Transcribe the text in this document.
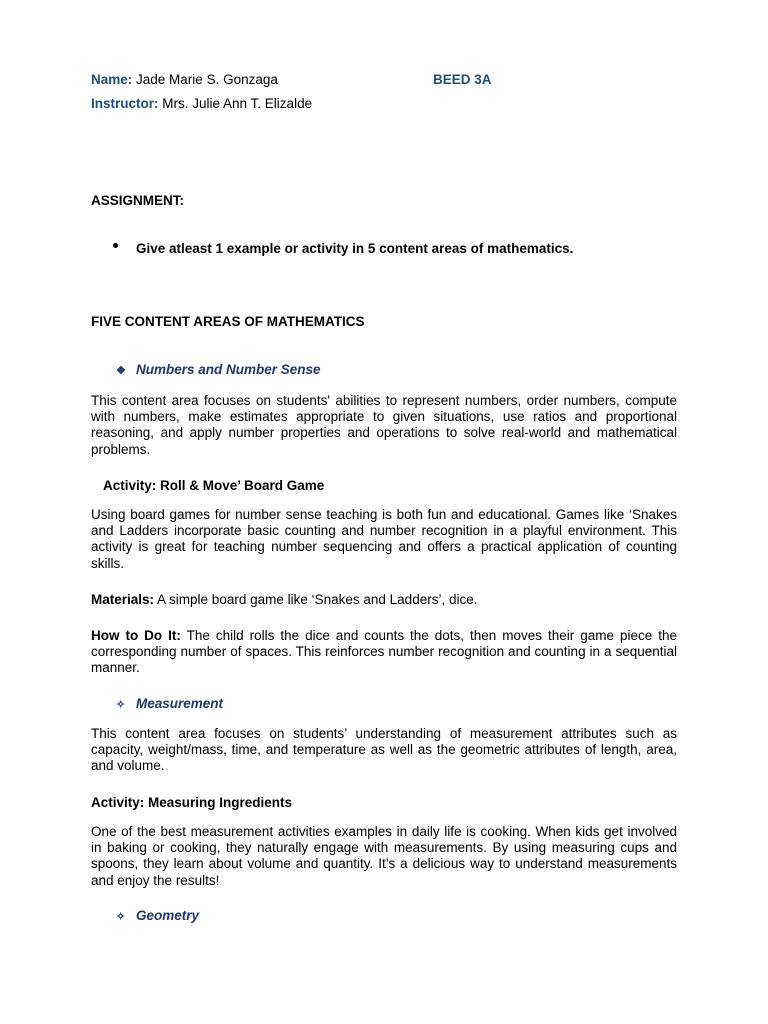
Name: Jade Marie S. Gonzaga	BEED 3A
Instructor: Mrs. Julie Ann T. Elizalde
ASSIGNMENT:
Give atleast 1 example or activity in 5 content areas of mathematics.
FIVE CONTENT AREAS OF MATHEMATICS
❖ Numbers and Number Sense

This content area focuses on students' abilities to represent numbers, order numbers, compute with numbers, make estimates appropriate to given situations, use ratios and proportional reasoning, and apply number properties and operations to solve real-world and mathematical problems.

Activity: Roll & Move’ Board Game

Using board games for number sense teaching is both fun and educational. Games like ‘Snakes and Ladders incorporate basic counting and number recognition in a playful environment. This activity is great for teaching number sequencing and offers a practical application of counting skills.

Materials: A simple board game like ‘Snakes and Ladders’, dice.

How to Do It: The child rolls the dice and counts the dots, then moves their game piece the corresponding number of spaces. This reinforces number recognition and counting in a sequential manner.

✧ Measurement

This content area focuses on students’ understanding of measurement attributes such as capacity, weight/mass, time, and temperature as well as the geometric attributes of length, area, and volume.

Activity: Measuring Ingredients

One of the best measurement activities examples in daily life is cooking. When kids get involved in baking or cooking, they naturally engage with measurements. By using measuring cups and spoons, they learn about volume and quantity. It’s a delicious way to understand measurements and enjoy the results!

✧ Geometry
